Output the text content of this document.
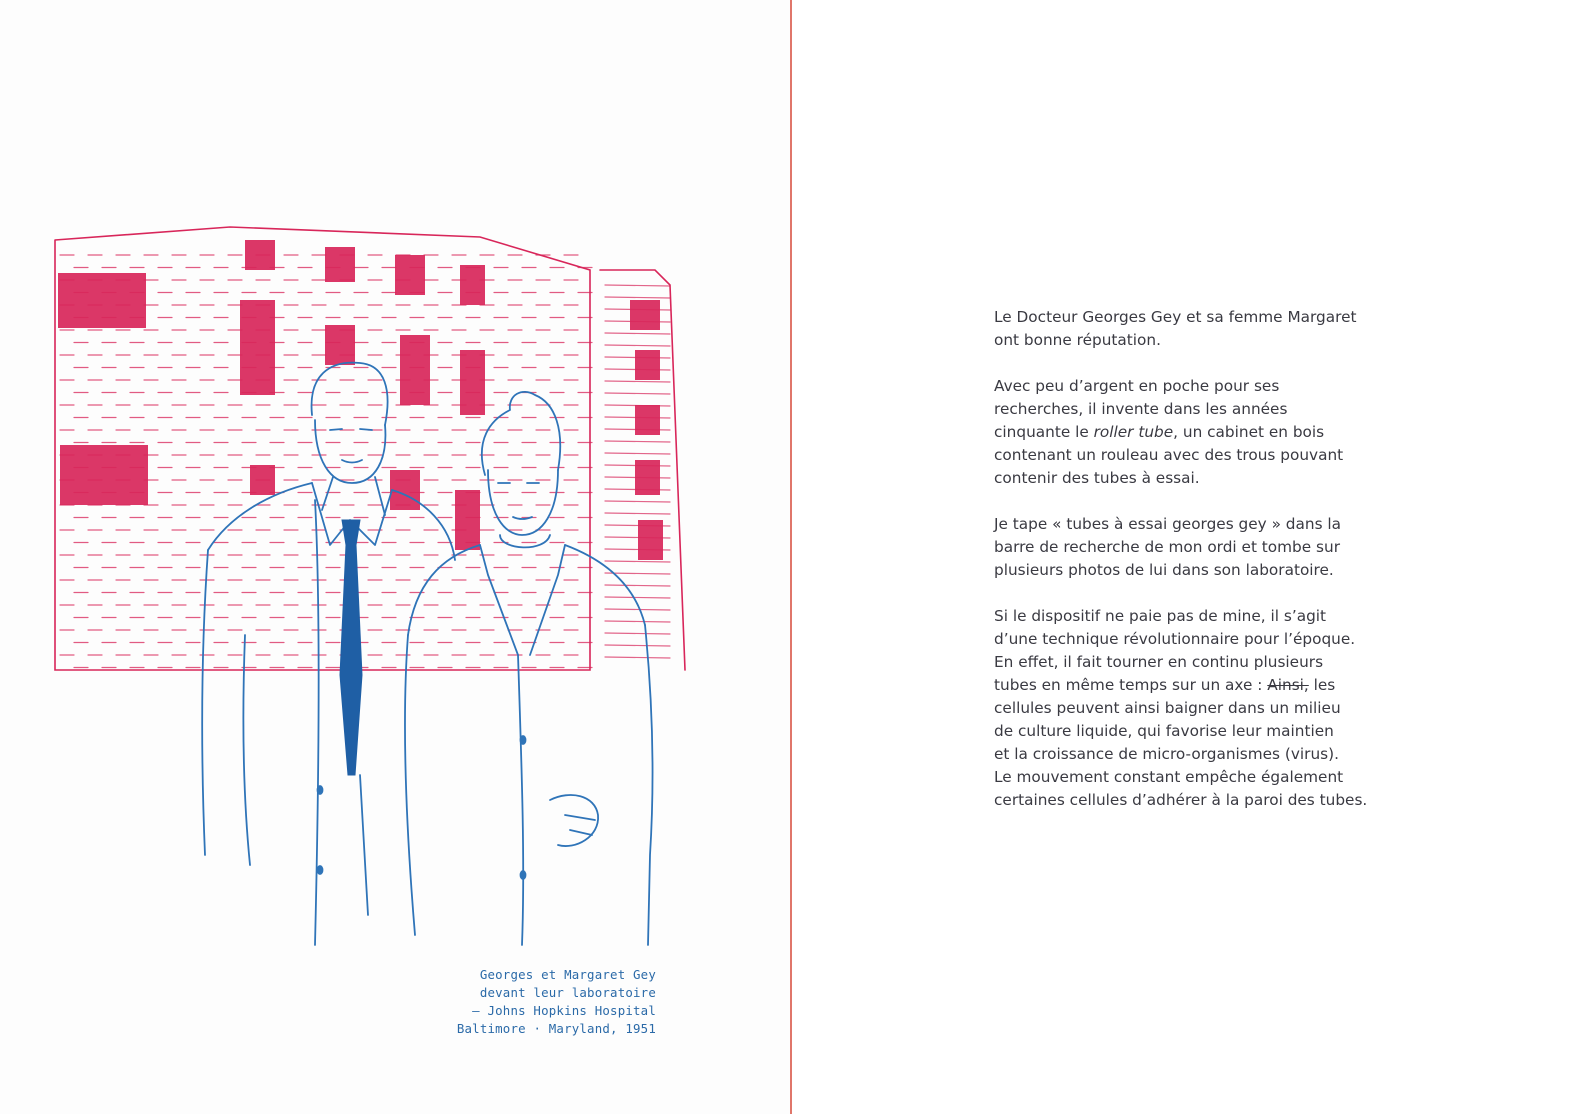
Georges et Margaret Gey
devant leur laboratoire
– Johns Hopkins Hospital
Baltimore · Maryland, 1951

Le Docteur Georges Gey et sa femme Margaret
ont bonne réputation.

Avec peu d’argent en poche pour ses
recherches, il invente dans les années
cinquante le roller tube, un cabinet en bois
contenant un rouleau avec des trous pouvant
contenir des tubes à essai.

Je tape « tubes à essai georges gey » dans la
barre de recherche de mon ordi et tombe sur
plusieurs photos de lui dans son laboratoire.

Si le dispositif ne paie pas de mine, il s’agit
d’une technique révolutionnaire pour l’époque.
En effet, il fait tourner en continu plusieurs
tubes en même temps sur un axe : Ainsi, les
cellules peuvent ainsi baigner dans un milieu
de culture liquide, qui favorise leur maintien
et la croissance de micro-organismes (virus).
Le mouvement constant empêche également
certaines cellules d’adhérer à la paroi des tubes.
